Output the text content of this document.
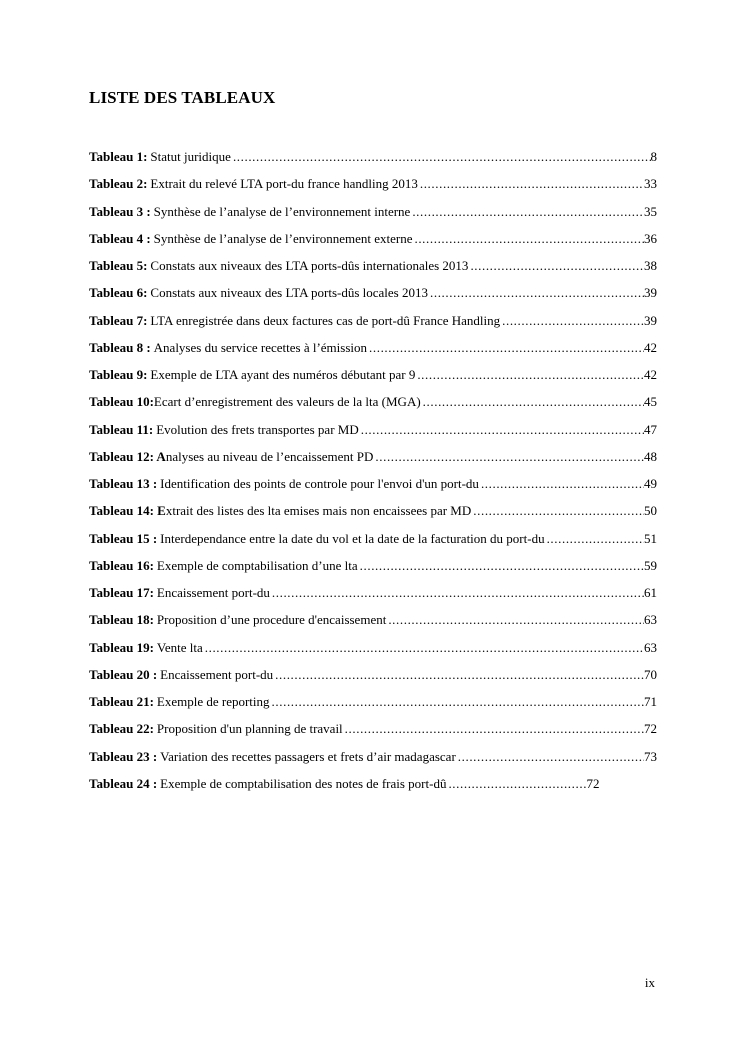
LISTE DES TABLEAUX
Tableau 1: Statut juridique .....	8
Tableau 2: Extrait du relevé LTA port-du france handling 2013 .....	33
Tableau 3 : Synthèse de l’analyse de l’environnement interne .....	35
Tableau 4 : Synthèse de l’analyse de l’environnement externe .....	36
Tableau 5: Constats aux niveaux des LTA ports-dûs internationales 2013 .....	38
Tableau 6: Constats aux niveaux des LTA ports-dûs locales 2013 .....	39
Tableau 7: LTA enregistrée dans deux factures cas de port-dû France Handling .....	39
Tableau 8 : Analyses du service recettes à l’émission .....	42
Tableau 9: Exemple de LTA ayant des numéros débutant par 9 .....	42
Tableau 10: Ecart d’enregistrement des valeurs de la lta (MGA) .....	45
Tableau 11: Evolution des frets transportes par MD .....	47
Tableau 12: A nalyses au niveau de l’encaissement PD .....	48
Tableau 13 : Identification des points de controle pour l'envoi d'un port-du .....	49
Tableau 14: E xtrait des listes des lta emises mais non encaissees par MD .....	50
Tableau 15 : Interdependance entre la date du vol et la date de la facturation du port-du .....	51
Tableau 16: Exemple de comptabilisation d’une lta .....	59
Tableau 17: Encaissement port-du .....	61
Tableau 18: Proposition d’une procedure d'encaissement .....	63
Tableau 19: Vente lta .....	63
Tableau 20 : Encaissement port-du .....	70
Tableau 21: Exemple de reporting .....	71
Tableau 22: Proposition d'un planning de travail .....	72
Tableau 23 : Variation des recettes passagers et frets d’air madagascar .....	73
Tableau 24 : Exemple de comptabilisation des notes de frais port-dû .....	72

ix
